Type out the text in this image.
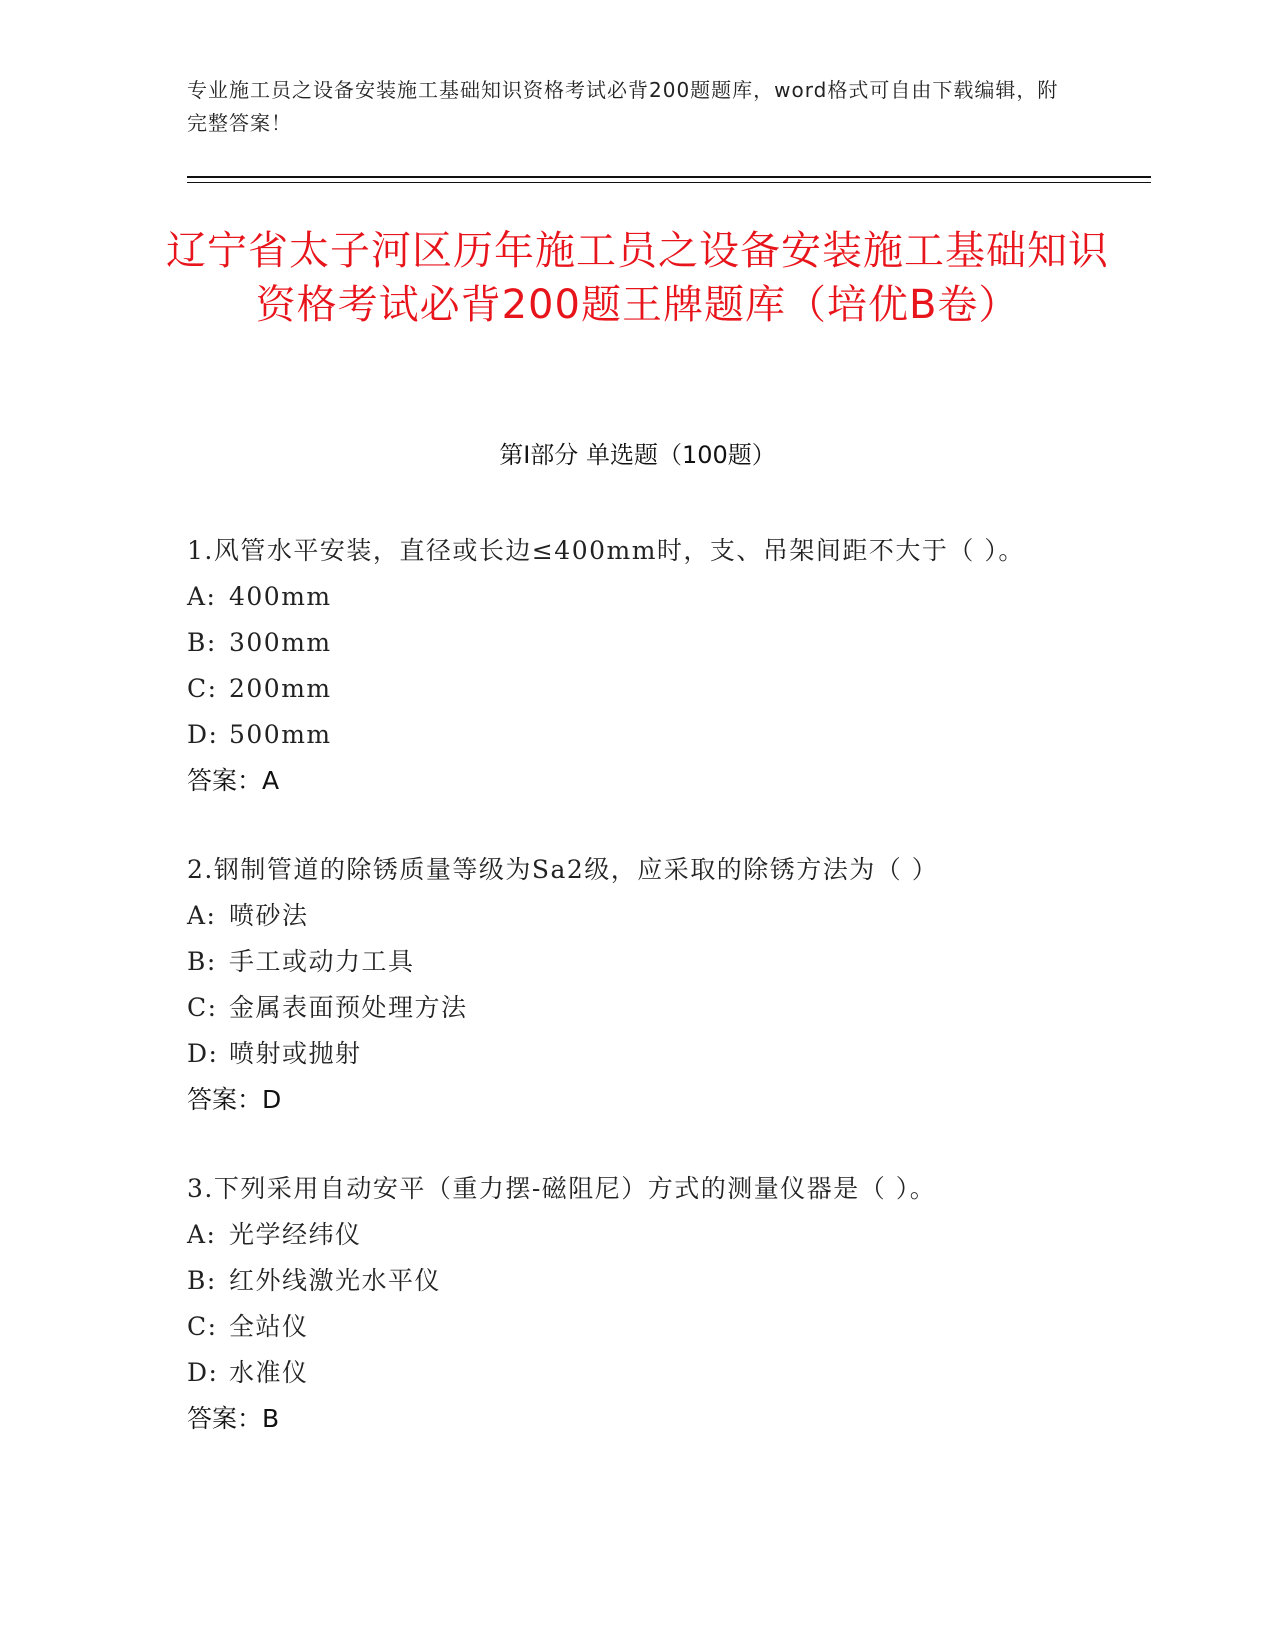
专业施工员之设备安装施工基础知识资格考试必背200题题库，word格式可自由下载编辑，附完整答案！
辽宁省太子河区历年施工员之设备安装施工基础知识资格考试必背200题王牌题库（培优B卷）
第I部分 单选题（100题）
1.风管水平安装，直径或长边≤400mm时，支、吊架间距不大于（ ）。
A: 400mm
B: 300mm
C: 200mm
D: 500mm
答案：A
2.钢制管道的除锈质量等级为Sa2级，应采取的除锈方法为（ ）
A: 喷砂法
B: 手工或动力工具
C: 金属表面预处理方法
D: 喷射或抛射
答案：D
3.下列采用自动安平（重力摆-磁阻尼）方式的测量仪器是（ ）。
A: 光学经纬仪
B: 红外线激光水平仪
C: 全站仪
D: 水准仪
答案：B
